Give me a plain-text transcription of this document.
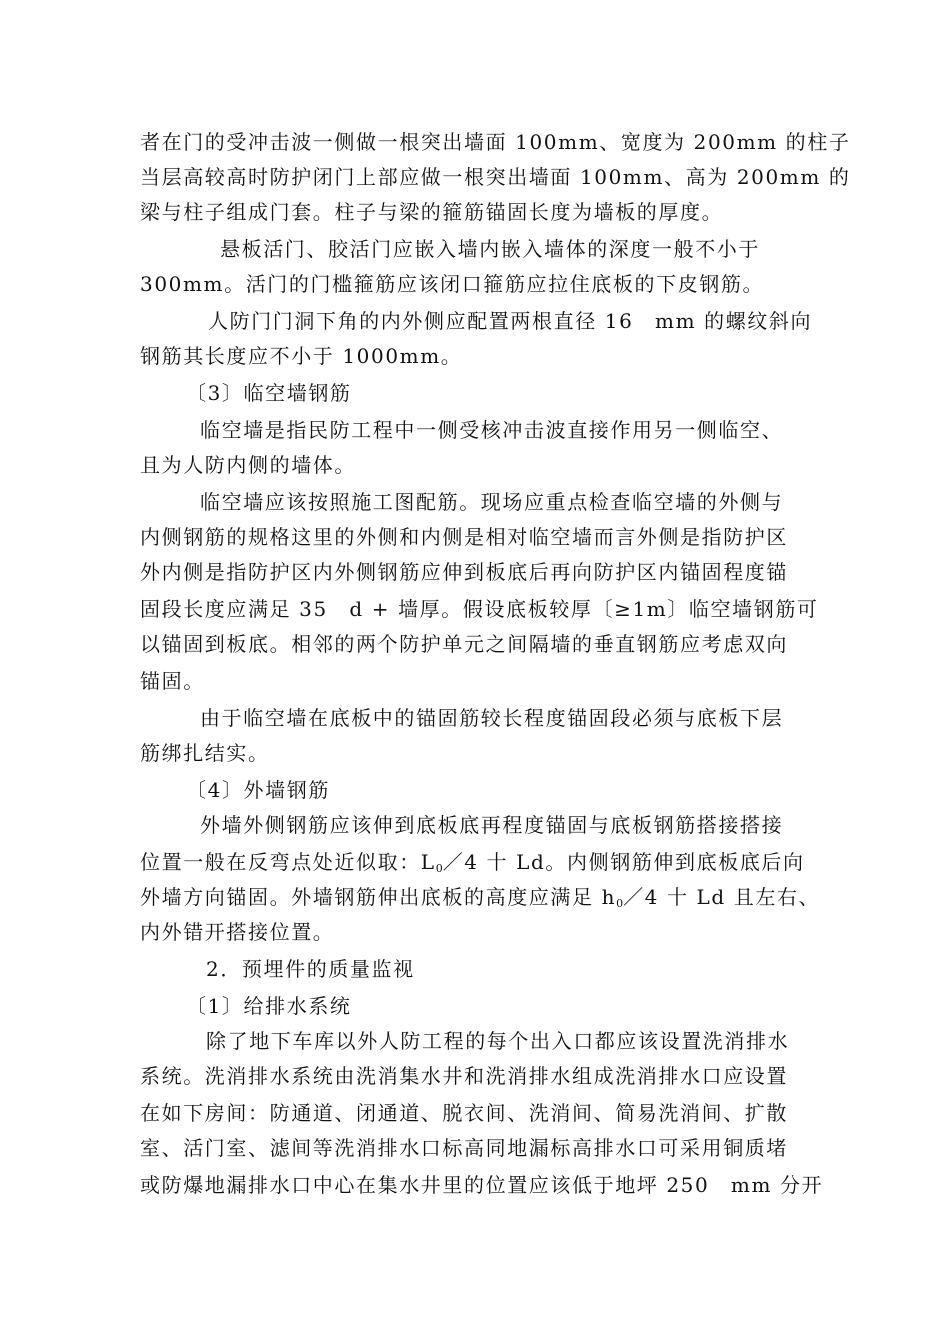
者在门的受冲击波一侧做一根突出墙面 100mm、宽度为 200mm 的柱子
当层高较高时防护闭门上部应做一根突出墙面 100mm、高为 200mm 的
梁与柱子组成门套。柱子与梁的箍筋锚固长度为墙板的厚度。
悬板活门、胶活门应嵌入墙内嵌入墙体的深度一般不小于
300mm。活门的门槛箍筋应该闭口箍筋应拉住底板的下皮钢筋。
人防门门洞下角的内外侧应配置两根直径 16　mm 的螺纹斜向
钢筋其长度应不小于 1000mm。
〔3〕临空墙钢筋
临空墙是指民防工程中一侧受核冲击波直接作用另一侧临空、
且为人防内侧的墙体。
临空墙应该按照施工图配筋。现场应重点检查临空墙的外侧与
内侧钢筋的规格这里的外侧和内侧是相对临空墙而言外侧是指防护区
外内侧是指防护区内外侧钢筋应伸到板底后再向防护区内锚固程度锚
固段长度应满足 35　d + 墙厚。假设底板较厚〔≥1m〕临空墙钢筋可
以锚固到板底。相邻的两个防护单元之间隔墙的垂直钢筋应考虑双向
锚固。
由于临空墙在底板中的锚固筋较长程度锚固段必须与底板下层
筋绑扎结实。
〔4〕外墙钢筋
外墙外侧钢筋应该伸到底板底再程度锚固与底板钢筋搭接搭接
位置一般在反弯点处近似取：$L_0/4$ 十 Ld。内侧钢筋伸到底板底后向
外墙方向锚固。外墙钢筋伸出底板的高度应满足 $h_0/4$ 十 Ld 且左右、
内外错开搭接位置。
2．预埋件的质量监视
〔1〕给排水系统
除了地下车库以外人防工程的每个出入口都应该设置洗消排水
系统。洗消排水系统由洗消集水井和洗消排水组成洗消排水口应设置
在如下房间：防通道、闭通道、脱衣间、洗消间、简易洗消间、扩散
室、活门室、滤间等洗消排水口标高同地漏标高排水口可采用铜质堵
或防爆地漏排水口中心在集水井里的位置应该低于地坪 250　mm 分开
